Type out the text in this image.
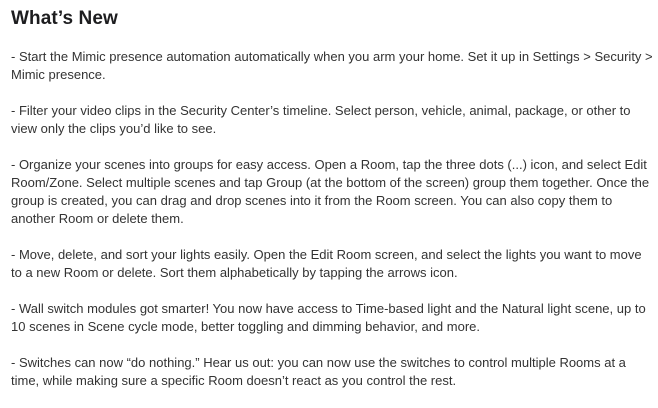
What’s New

- Start the Mimic presence automation automatically when you arm your home. Set it up in Settings > Security > Mimic presence.

- Filter your video clips in the Security Center’s timeline. Select person, vehicle, animal, package, or other to view only the clips you’d like to see.

- Organize your scenes into groups for easy access. Open a Room, tap the three dots (...) icon, and select Edit Room/Zone. Select multiple scenes and tap Group (at the bottom of the screen) group them together. Once the group is created, you can drag and drop scenes into it from the Room screen. You can also copy them to another Room or delete them.

- Move, delete, and sort your lights easily. Open the Edit Room screen, and select the lights you want to move to a new Room or delete. Sort them alphabetically by tapping the arrows icon.

- Wall switch modules got smarter! You now have access to Time-based light and the Natural light scene, up to 10 scenes in Scene cycle mode, better toggling and dimming behavior, and more.

- Switches can now “do nothing.” Hear us out: you can now use the switches to control multiple Rooms at a time, while making sure a specific Room doesn’t react as you control the rest.
